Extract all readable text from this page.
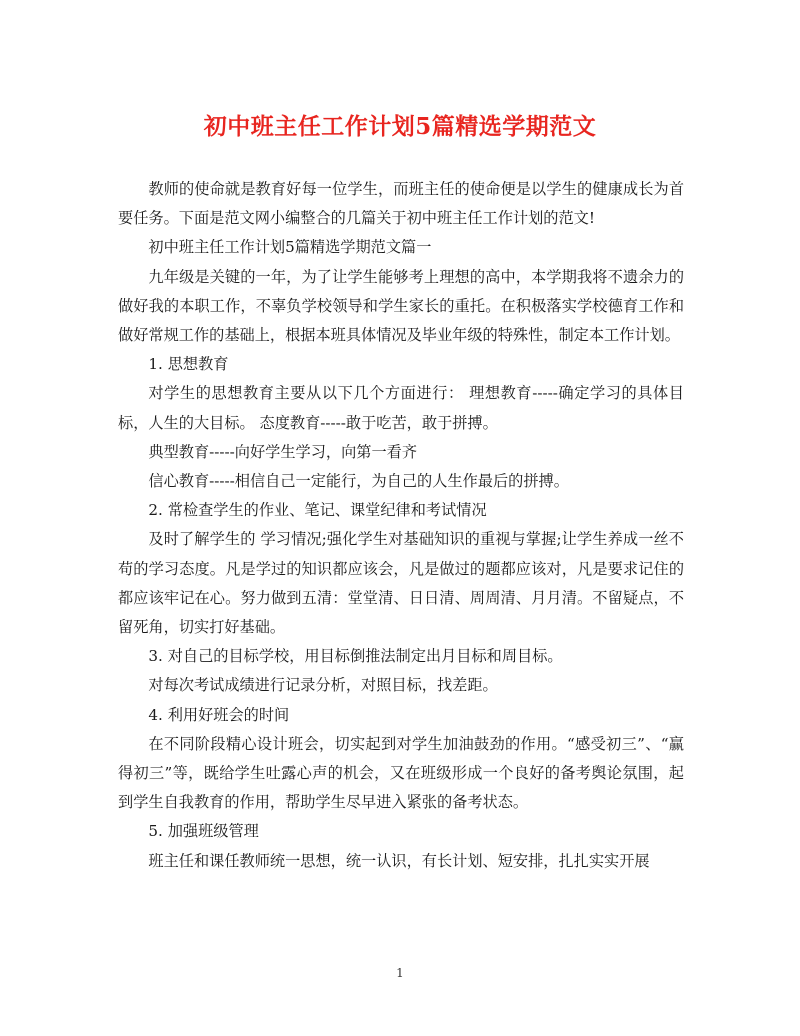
初中班主任工作计划5篇精选学期范文

教师的使命就是教育好每一位学生，而班主任的使命便是以学生的健康成长为首要任务。下面是范文网小编整合的几篇关于初中班主任工作计划的范文!

初中班主任工作计划5篇精选学期范文篇一

九年级是关键的一年，为了让学生能够考上理想的高中，本学期我将不遗余力的做好我的本职工作，不辜负学校领导和学生家长的重托。在积极落实学校德育工作和做好常规工作的基础上，根据本班具体情况及毕业年级的特殊性，制定本工作计划。

1. 思想教育

对学生的思想教育主要从以下几个方面进行： 理想教育-----确定学习的具体目标，人生的大目标。 态度教育-----敢于吃苦，敢于拼搏。

典型教育-----向好学生学习，向第一看齐

信心教育-----相信自己一定能行，为自己的人生作最后的拼搏。

2. 常检查学生的作业、笔记、课堂纪律和考试情况

及时了解学生的 学习情况;强化学生对基础知识的重视与掌握;让学生养成一丝不苟的学习态度。凡是学过的知识都应该会，凡是做过的题都应该对，凡是要求记住的都应该牢记在心。努力做到五清：堂堂清、日日清、周周清、月月清。不留疑点，不留死角，切实打好基础。

3. 对自己的目标学校，用目标倒推法制定出月目标和周目标。

对每次考试成绩进行记录分析，对照目标，找差距。

4. 利用好班会的时间

在不同阶段精心设计班会，切实起到对学生加油鼓劲的作用。“感受初三”、“赢得初三”等，既给学生吐露心声的机会，又在班级形成一个良好的备考舆论氛围，起到学生自我教育的作用，帮助学生尽早进入紧张的备考状态。

5. 加强班级管理

班主任和课任教师统一思想，统一认识，有长计划、短安排，扎扎实实开展

1
